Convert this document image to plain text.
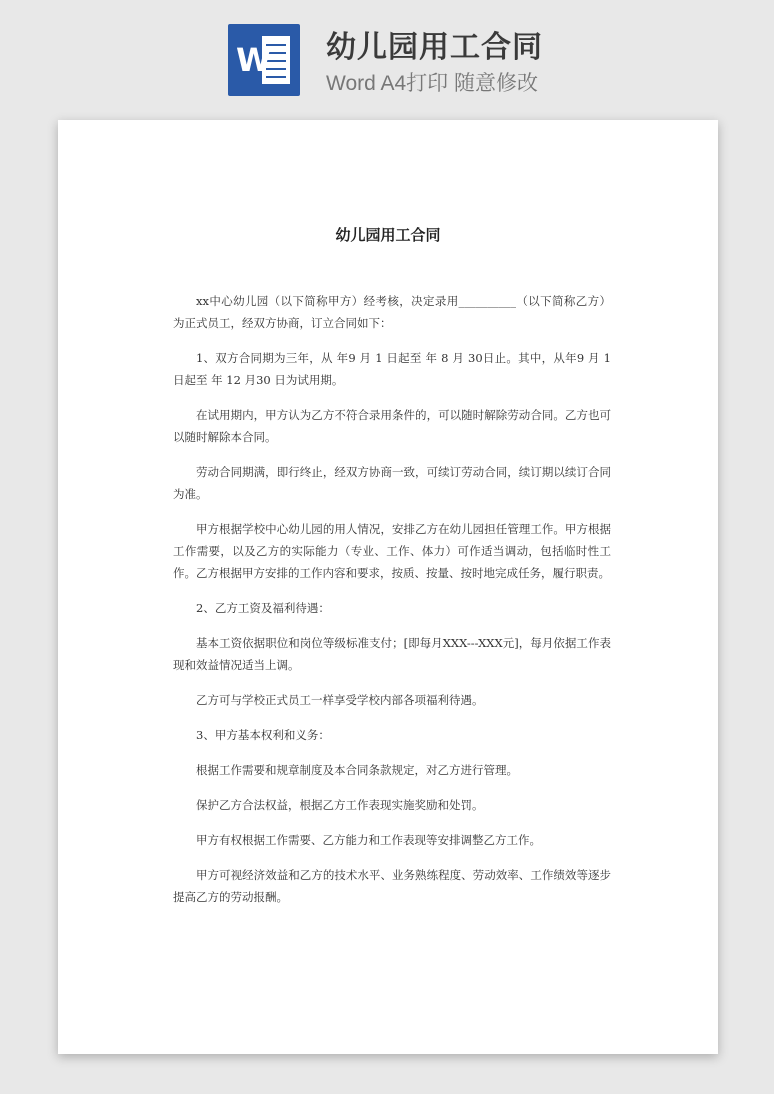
W 幼儿园用工合同
Word A4打印 随意修改
幼儿园用工合同

xx中心幼儿园（以下简称甲方）经考核，决定录用__________（以下简称乙方）为正式员工，经双方协商，订立合同如下：

1、双方合同期为三年，从 年9 月 1 日起至 年 8 月 30日止。其中，从年9 月 1日起至 年 12 月30 日为试用期。

在试用期内，甲方认为乙方不符合录用条件的，可以随时解除劳动合同。乙方也可以随时解除本合同。

劳动合同期满，即行终止，经双方协商一致，可续订劳动合同，续订期以续订合同为准。

甲方根据学校中心幼儿园的用人情况，安排乙方在幼儿园担任管理工作。甲方根据工作需要，以及乙方的实际能力（专业、工作、体力）可作适当调动，包括临时性工作。乙方根据甲方安排的工作内容和要求，按质、按量、按时地完成任务，履行职责。

2、乙方工资及福利待遇：

基本工资依据职位和岗位等级标准支付；[即每月XXX---XXX元]，每月依据工作表现和效益情况适当上调。

乙方可与学校正式员工一样享受学校内部各项福利待遇。

3、甲方基本权利和义务：

根据工作需要和规章制度及本合同条款规定，对乙方进行管理。

保护乙方合法权益，根据乙方工作表现实施奖励和处罚。

甲方有权根据工作需要、乙方能力和工作表现等安排调整乙方工作。

甲方可视经济效益和乙方的技术水平、业务熟练程度、劳动效率、工作绩效等逐步提高乙方的劳动报酬。
